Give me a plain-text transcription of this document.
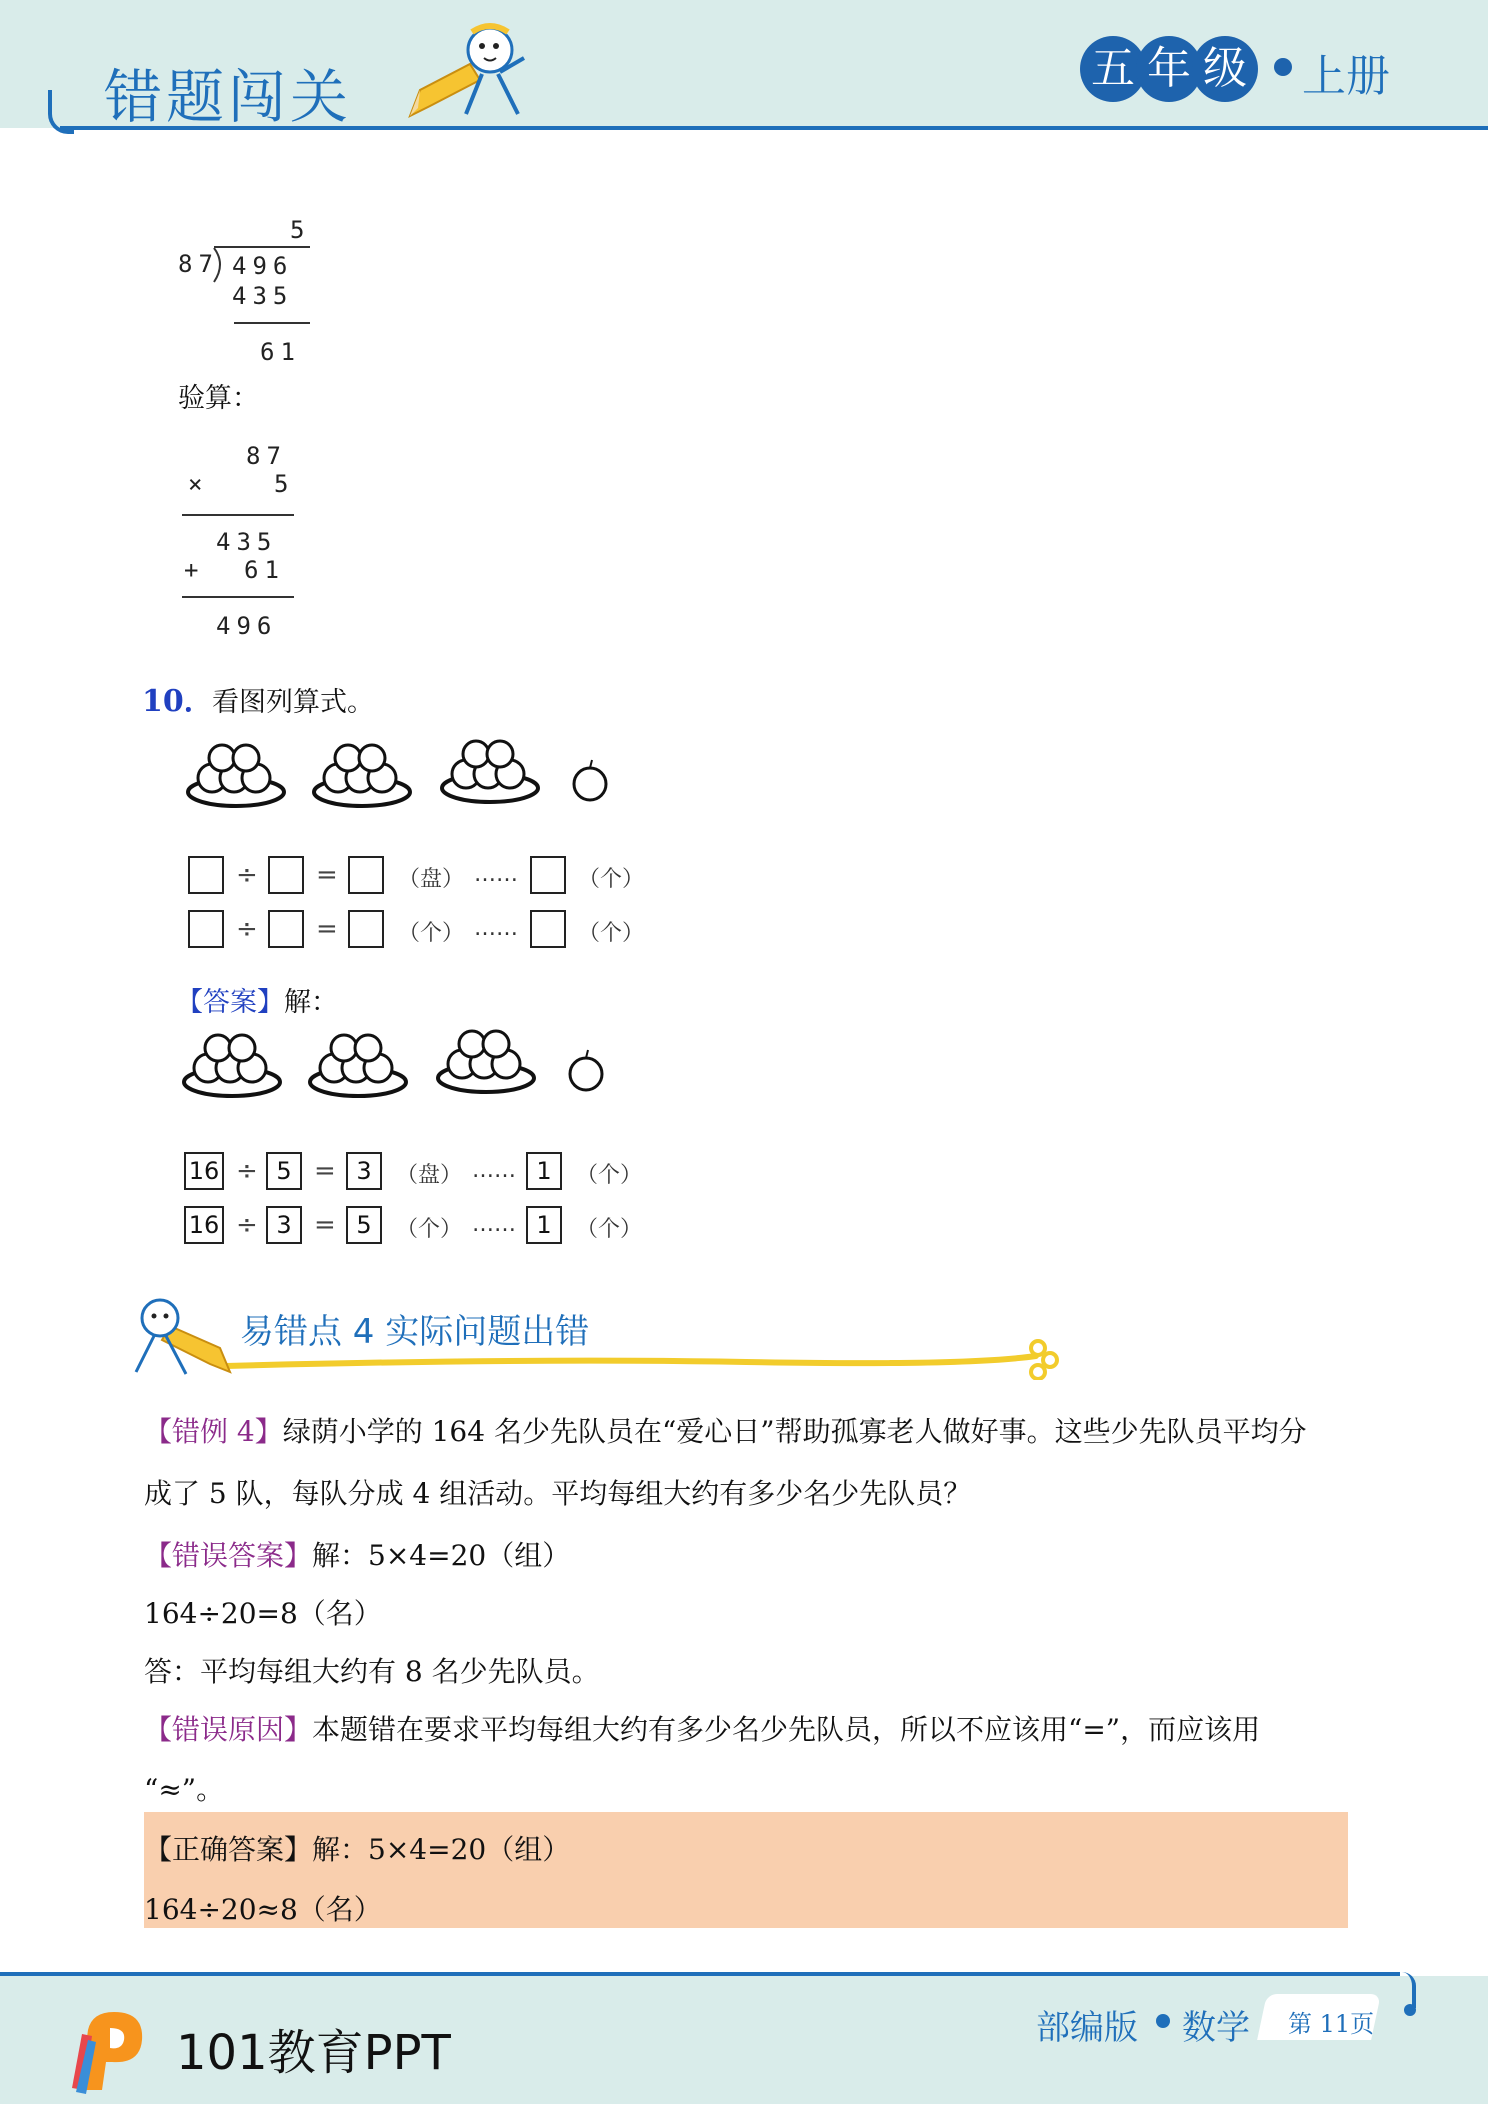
错题闯关	五 年 级 上册
5
87 496
435
61
验算：
87
×	5
435
+ 61
496
10．
看图列算式。
÷ =	（盘） ……	（个）
÷ =	（个） ……	（个）
【答案】解：
16 ÷ 5 = 3	（盘） …… 1	（个）
16 ÷ 3 = 5	（个） …… 1	（个）
易错点 4 实际问题出错
【错例 4】绿荫小学的 164 名少先队员在“爱心日”帮助孤寡老人做好事。这些少先队员平均分
成了 5 队，每队分成 4 组活动。平均每组大约有多少名少先队员？
【错误答案】解：5×4=20（组）
164÷20=8（名）
答：平均每组大约有 8 名少先队员。
【错误原因】本题错在要求平均每组大约有多少名少先队员，所以不应该用“=”，而应该用
“≈”。
【正确答案】解：5×4=20（组）
164÷20≈8（名）
101教育PPT	部编版 数学 第 11页
